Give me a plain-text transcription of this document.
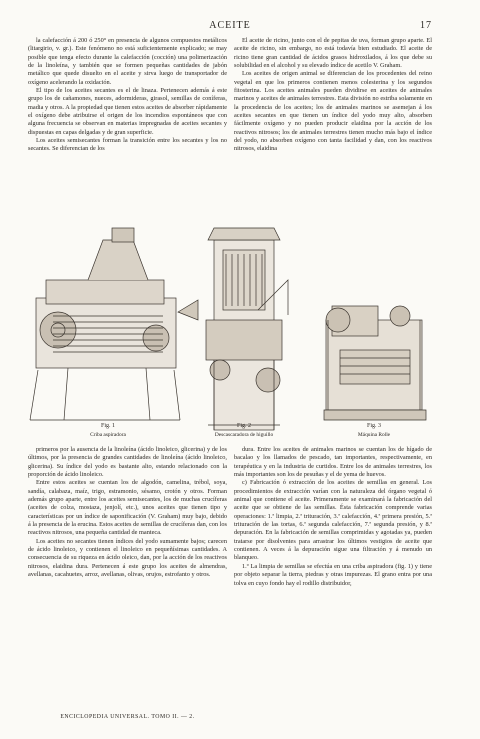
ACEITE	17

la calefacción á 200 ó 250° en presencia de algunos compuestos metálicos (litargirio, v. gr.). Este fenómeno no está suficientemente explicado; se may posible que tenga efecto durante la calefacción (cocción) una polimerización de la linoleína, y también que se formen pequeñas cantidades de jabón metálico que quede disuelto en el aceite y sirva luego de transportador de oxígeno acelerando la oxidación.

El tipo de los aceites secantes es el de linaza. Pertenecen además á este grupo los de cañamones, nueces, adormideras, girasol, semillas de coníferas, madia y otros. A la propiedad que tienen estos aceites de absorber rápidamente el oxígeno debe atribuirse el origen de los incendios espontáneos que con alguna frecuencia se observan en materias impregnadas de aceites secantes y dispuestas en capas delgadas y de gran superficie.

Los aceites semisecantes forman la transición entre los secantes y los no secantes. Se diferencian de los

El aceite de ricino, junto con el de pepitas de uva, forman grupo aparte. El aceite de ricino, sin embargo, no está todavía bien estudiado. El aceite de ricino tiene gran cantidad de ácidos grasos hidroxilados, á los que debe su solubilidad en el alcohol y su elevado índice de acetilo V. Graham.

Los aceites de origen animal se diferencian de los procedentes del reino vegetal en que los primeros contienen menos colesterina y los segundos fitosterina. Los aceites animales pueden dividirse en aceites de animales marinos y aceites de animales terrestres. Esta división no estriba solamente en la procedencia de los aceites; los de animales marinos se asemejan á los aceites secantes en que tienen un índice del yodo muy alto, absorben fácilmente oxígeno y no pueden producir elaidina por la acción de los reactivos nitrosos; los de animales terrestres tienen mucho más bajo el índice del yodo, no absorben oxígeno con tanta facilidad y dan, con los reactivos nitrosos, elaidina

Fig. 1
Criba aspiradora
Fig. 2
Descascaradora de higuillo
Fig. 3
Máquina Rolle

primeros por la ausencia de la linoleína (ácido linoleico, glicerina) y de los últimos, por la presencia de grandes cantidades de linoleína (ácido linoleico, glicerina). Su índice del yodo es bastante alto, estando relacionado con la proporción de ácido linoleico.

Entre estos aceites se cuentan los de algodón, camelina, trébol, soya, sandía, calabaza, maíz, trigo, estramonio, sésamo, crotón y otros. Forman además grupo aparte, entre los aceites semisecantes, los de muchas crucíferas (aceites de colza, mostaza, jenjolí, etc.), unos aceites que tienen tipo y características por un índice de saponificación (V. Graham) muy bajo, debido á la presencia de la erucina. Estos aceites de semillas de crucíferas dan, con los reactivos nitrosos, una pequeña cantidad de manteca.

Los aceites no secantes tienen índices del yodo sumamente bajos; carecen de ácido linoleico, y contienen el linoleico en pequeñísimas cantidades. A consecuencia de su riqueza en ácido oleico, dan, por la acción de los reactivos nitrosos, elaidina dura. Pertenecen á este grupo los aceites de almendras, avellanas, cacahuetes, arroz, avellanas, olivas, orujos, estrofanto y otros.

dura. Entre los aceites de animales marinos se cuentan los de hígado de bacalao y los llamados de pescado, tan importantes, respectivamente, en terapéutica y en la industria de curtidos. Entre los de animales terrestres, los más importantes son los de pesuñas y el de yema de huevos.

c) Fabricación ó extracción de los aceites de semillas en general. Los procedimientos de extracción varían con la naturaleza del órgano vegetal ó animal que contiene el aceite. Primeramente se examinará la fabricación del aceite que se obtiene de las semillas. Ésta fabricación comprende varias operaciones: 1.ª limpia, 2.ª trituración, 3.ª calefacción, 4.ª primera presión, 5.ª trituración de las tortas, 6.ª segunda calefacción, 7.ª segunda presión, y 8.ª depuración. En la fabricación de semillas comprimidas y agotadas ya, pueden tratarse por disolventes para arrastrar los últimos vestigios de aceite que contienen. A veces á la depuración sigue una filtración y á menudo un blanqueo.

1.º La limpia de semillas se efectúa en una criba aspiradora (fig. 1) y tiene por objeto separar la tierra, piedras y otras impurezas. El grano entra por una tolva en cuyo fondo hay el rodillo distribuidor,

ENCICLOPEDIA UNIVERSAL. TOMO II. — 2.
